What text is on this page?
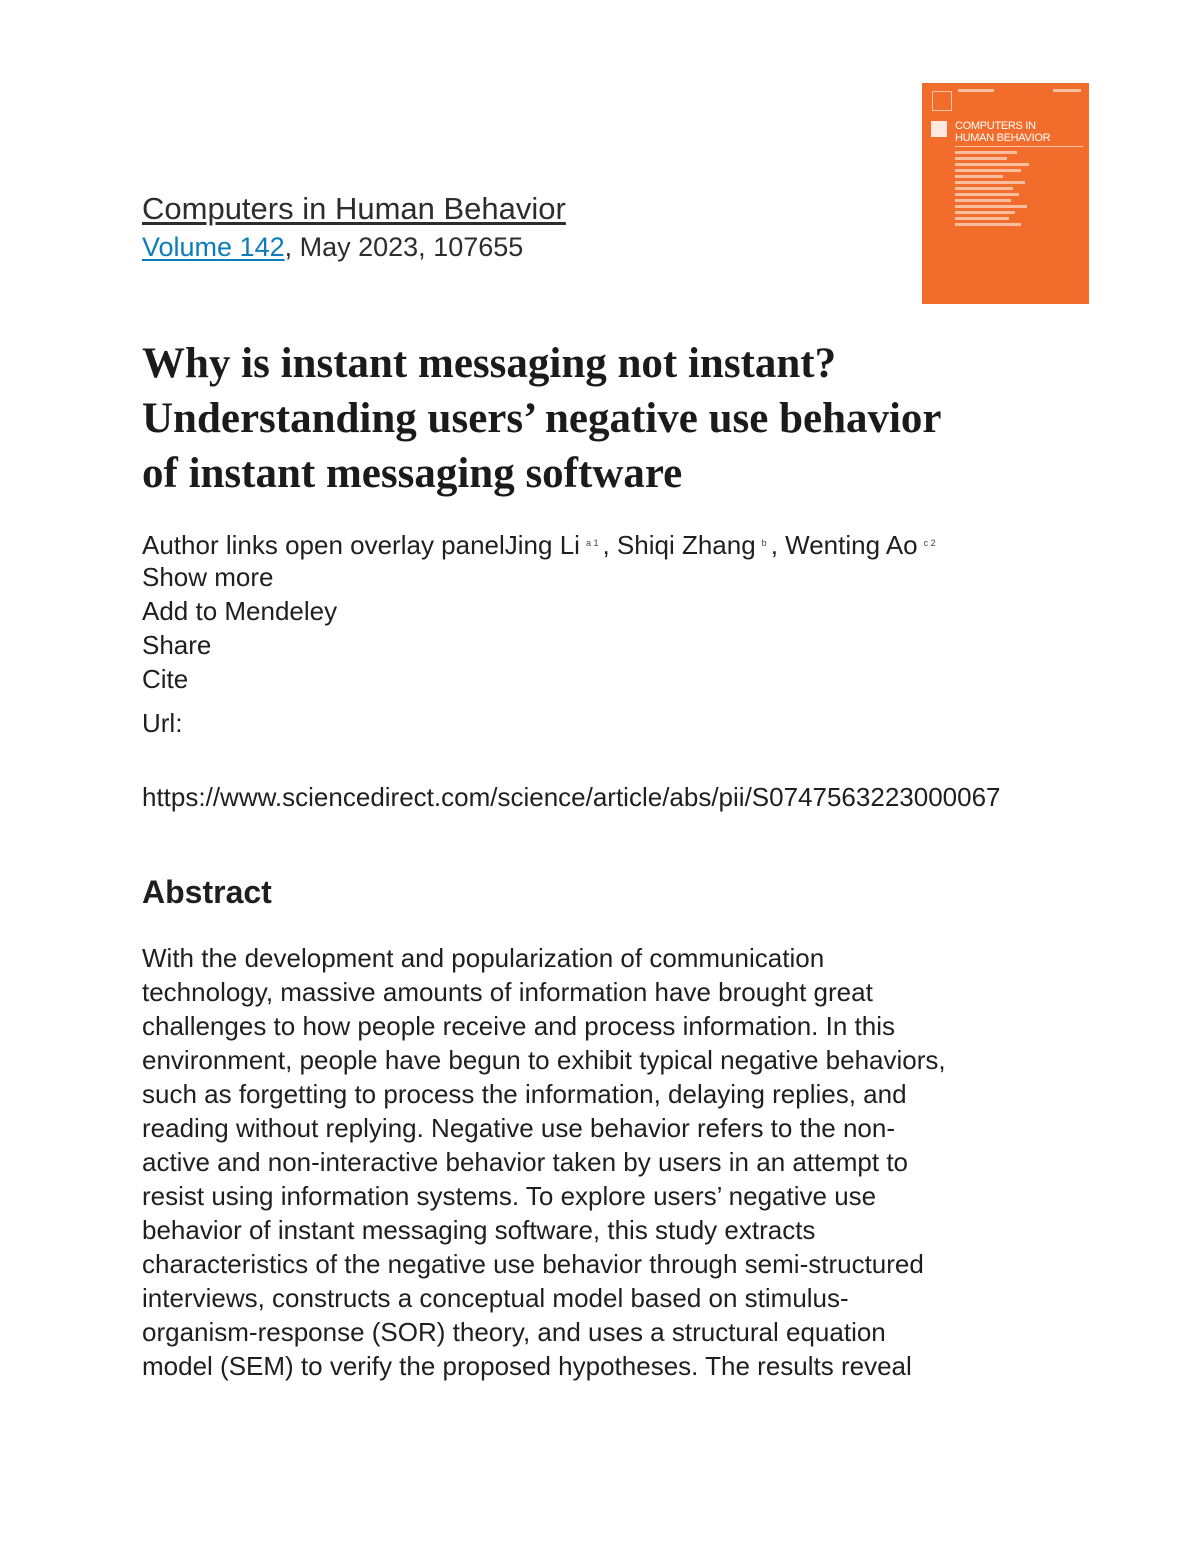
Computers in Human Behavior
Volume 142, May 2023, 107655
COMPUTERS IN
HUMAN BEHAVIOR
Why is instant messaging not instant?
Understanding users’ negative use behavior
of instant messaging software
Author links open overlay panelJing Li $^{a 1}$ , Shiqi Zhang $^b$ , Wenting Ao $^{c 2}$
Show more
Add to Mendeley
Share
Cite
Url:
https://www.sciencedirect.com/science/article/abs/pii/S0747563223000067
Abstract

With the development and popularization of communication
technology, massive amounts of information have brought great
challenges to how people receive and process information. In this
environment, people have begun to exhibit typical negative behaviors,
such as forgetting to process the information, delaying replies, and
reading without replying. Negative use behavior refers to the non-
active and non-interactive behavior taken by users in an attempt to
resist using information systems. To explore users’ negative use
behavior of instant messaging software, this study extracts
characteristics of the negative use behavior through semi-structured
interviews, constructs a conceptual model based on stimulus-
organism-response (SOR) theory, and uses a structural equation
model (SEM) to verify the proposed hypotheses. The results reveal
